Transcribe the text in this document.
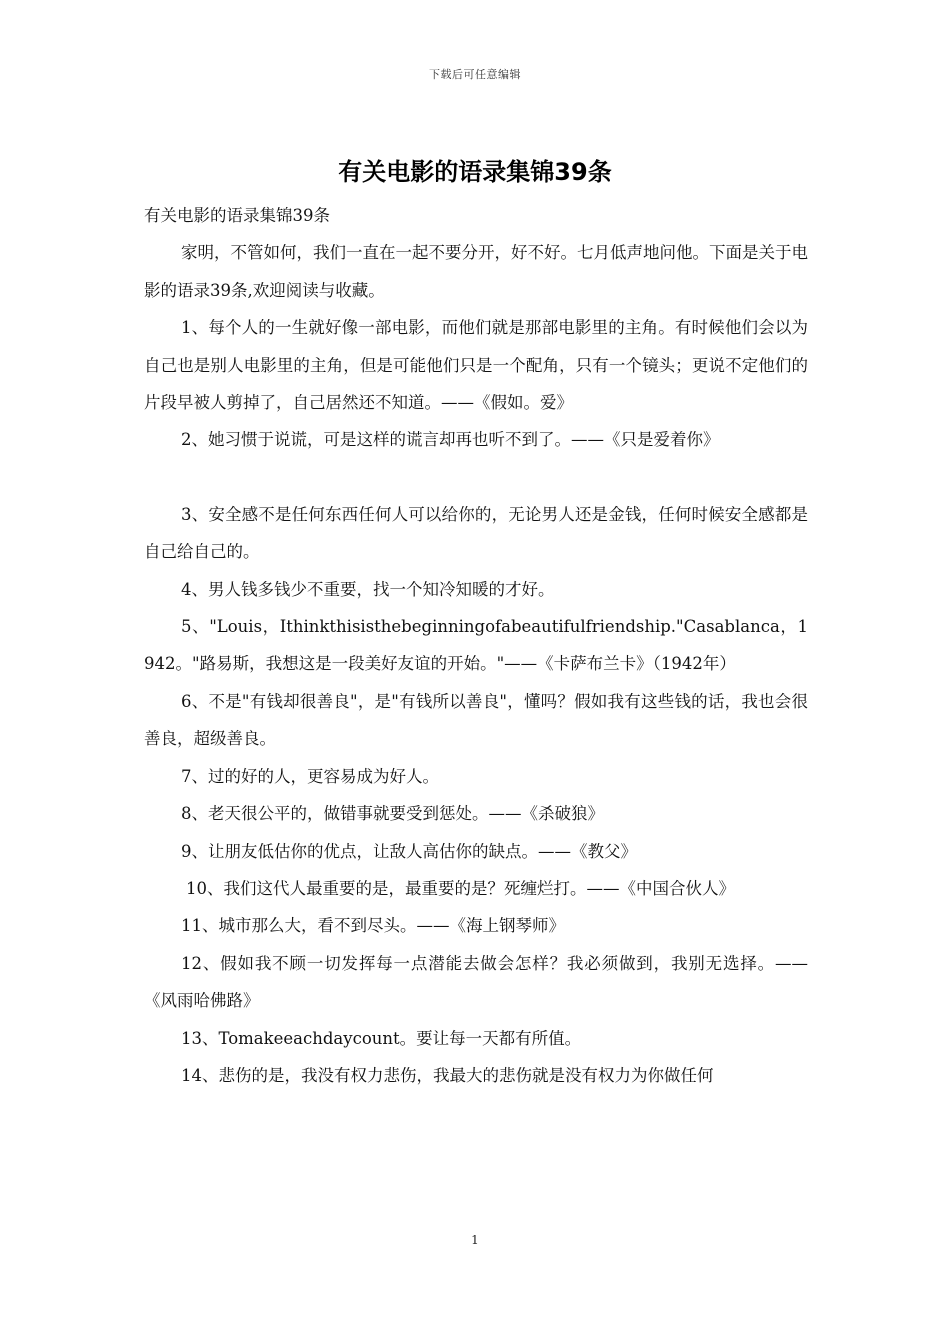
下载后可任意编辑
有关电影的语录集锦39条

有关电影的语录集锦39条

家明，不管如何，我们一直在一起不要分开，好不好。七月低声地问他。下面是关于电影的语录39条,欢迎阅读与收藏。

1、每个人的一生就好像一部电影，而他们就是那部电影里的主角。有时候他们会以为自己也是别人电影里的主角，但是可能他们只是一个配角，只有一个镜头；更说不定他们的片段早被人剪掉了，自己居然还不知道。——《假如。爱》

2、她习惯于说谎，可是这样的谎言却再也听不到了。——《只是爱着你》

3、安全感不是任何东西任何人可以给你的，无论男人还是金钱，任何时候安全感都是自己给自己的。

4、男人钱多钱少不重要，找一个知冷知暖的才好。

5、"Louis，Ithinkthisisthebeginningofabeautifulfriendship."Casablanca，1942。"路易斯，我想这是一段美好友谊的开始。"——《卡萨布兰卡》（1942年）

6、不是"有钱却很善良"，是"有钱所以善良"，懂吗？假如我有这些钱的话，我也会很善良，超级善良。

7、过的好的人，更容易成为好人。

8、老天很公平的，做错事就要受到惩处。——《杀破狼》

9、让朋友低估你的优点，让敌人高估你的缺点。——《教父》

10、我们这代人最重要的是，最重要的是？死缠烂打。——《中国合伙人》

11、城市那么大，看不到尽头。——《海上钢琴师》

12、假如我不顾一切发挥每一点潜能去做会怎样？我必须做到，我别无选择。——《风雨哈佛路》

13、Tomakeeachdaycount。要让每一天都有所值。

14、悲伤的是，我没有权力悲伤，我最大的悲伤就是没有权力为你做任何

1
